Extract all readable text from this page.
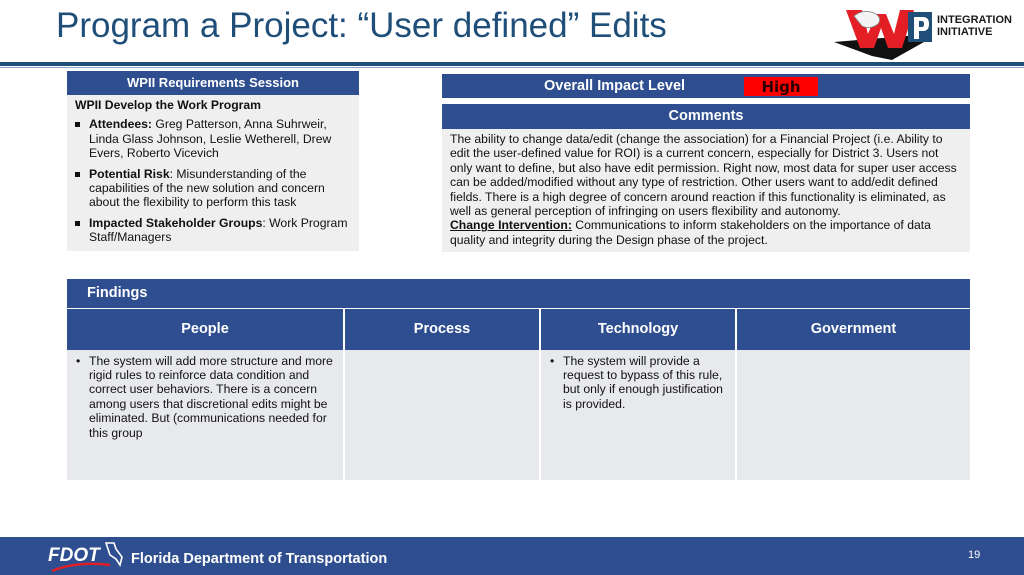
Program a Project: “User defined” Edits	INTEGRATION
INITIATIVE
WPII Requirements Session
WPII Develop the Work Program
Attendees: Greg Patterson, Anna Suhrweir, Linda Glass Johnson, Leslie Wetherell, Drew Evers, Roberto Vicevich
Potential Risk: Misunderstanding of the capabilities of the new solution and concern about the flexibility to perform this task
Impacted Stakeholder Groups: Work Program Staff/Managers
Overall Impact Level	High
Comments
The ability to change data/edit (change the association) for a Financial Project (i.e. Ability to edit the user-defined value for ROI) is a current concern, especially for District 3. Users not only want to define, but also have edit permission. Right now, most data for super user access can be added/modified without any type of restriction. Other users want to add/edit defined fields. There is a high degree of concern around reaction if this functionality is eliminated, as well as general perception of infringing on users flexibility and autonomy.
Change Intervention: Communications to inform stakeholders on the importance of data quality and integrity during the Design phase of the project.
Findings
People	Process	Technology	Government

• The system will add more structure and more rigid rules to reinforce data condition and correct user behaviors. There is a concern among users that discretional edits might be eliminated. But (communications needed for this group		• The system will provide a request to bypass of this rule, but only if enough justification is provided.	

FDOT Florida Department of Transportation	19
